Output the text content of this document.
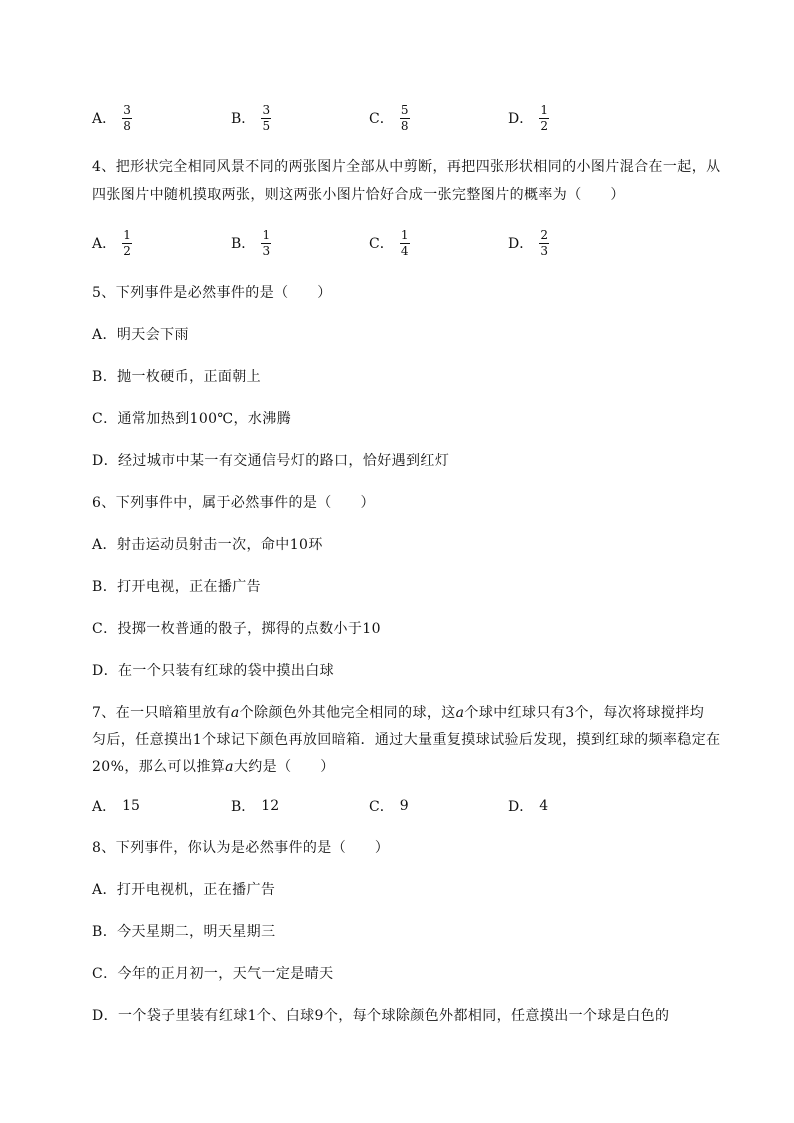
A． $\frac{3}{8}$	B． $\frac{3}{5}$	C． $\frac{5}{8}$	D． $\frac{1}{2}$
4、把形状完全相同风景不同的两张图片全部从中剪断，再把四张形状相同的小图片混合在一起，从
四张图片中随机摸取两张，则这两张小图片恰好合成一张完整图片的概率为（　　）
A． $\frac{1}{2}$	B． $\frac{1}{3}$	C． $\frac{1}{4}$	D． $\frac{2}{3}$
5、下列事件是必然事件的是（　　）
A．明天会下雨
B．抛一枚硬币，正面朝上
C．通常加热到100℃，水沸腾
D．经过城市中某一有交通信号灯的路口，恰好遇到红灯
6、下列事件中，属于必然事件的是（　　）
A．射击运动员射击一次，命中10环
B．打开电视，正在播广告
C．投掷一枚普通的骰子，掷得的点数小于10
D．在一个只装有红球的袋中摸出白球
7、在一只暗箱里放有a个除颜色外其他完全相同的球，这a个球中红球只有3个，每次将球搅拌均
匀后，任意摸出1个球记下颜色再放回暗箱．通过大量重复摸球试验后发现，摸到红球的频率稳定在
20%，那么可以推算a大约是（　　）
A． 15	B． 12	C． 9	D． 4
8、下列事件，你认为是必然事件的是（　　）
A．打开电视机，正在播广告
B．今天星期二，明天星期三
C．今年的正月初一，天气一定是晴天
D．一个袋子里装有红球1个、白球9个，每个球除颜色外都相同，任意摸出一个球是白色的
